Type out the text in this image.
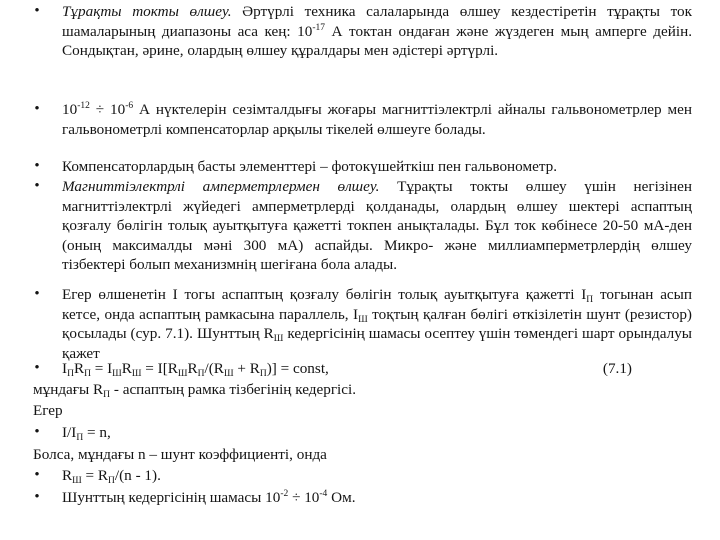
•
Тұрақты токты өлшеу. Әртүрлі техника салаларында өлшеу кездестіретін тұрақты ток шамаларының диапазоны аса кең: $10^{-17}$ А токтан ондаған және жүздеген мың амперге дейін. Сондықтан, әрине, олардың өлшеу құралдары мен әдістері әртүрлі.
•
$10^{-12} \div 10^{-6}$ А нүктелерін сезімталдығы жоғары магниттіэлектрлі айналы гальвонометрлер мен гальвонометрлі компенсаторлар арқылы тікелей өлшеуге болады.
•
Компенсаторлардың басты элементтері – фотокүшейткіш пен гальвонометр.
•
Магниттіэлектрлі амперметрлермен өлшеу. Тұрақты токты өлшеу үшін негізінен магниттіэлектрлі жүйедегі амперметрлерді қолданады, олардың өлшеу шектері аспаптың қозғалу бөлігін толық ауытқытуға қажетті токпен анықталады. Бұл ток көбінесе 20-50 мА-ден (оның максималды мәні 300 мА) аспайды. Микро- және миллиамперметрлердің өлшеу тізбектері болып механизмнің шегіғана бола алады.
•
Егер өлшенетін I тогы аспаптың қозғалу бөлігін толық ауытқытуға қажетті $I_П$ тогынан асып кетсе, онда аспаптың рамкасына параллель, $I_Ш$ тоқтың қалған бөлігі өткізілетін шунт (резистор) қосылады (сур. 7.1). Шунттың $R_Ш$ кедергісінің шамасы осептеу үшін төмендегі шарт орындалуы қажет
•
$I_ПR_П = I_ШR_Ш = I[R_ШR_П/(R_Ш + R_П)]$ = const,	(7.1)
мұндағы $R_П$ - аспаптың рамка тізбегінің кедергісі.
Егер
•
$I/I_П = n$,
Болса, мұндағы n – шунт коэффициенті, онда
•
$R_Ш = R_П/(n - 1)$.
•
Шунттың кедергісінің шамасы $10^{-2} \div 10^{-4}$ Ом.
